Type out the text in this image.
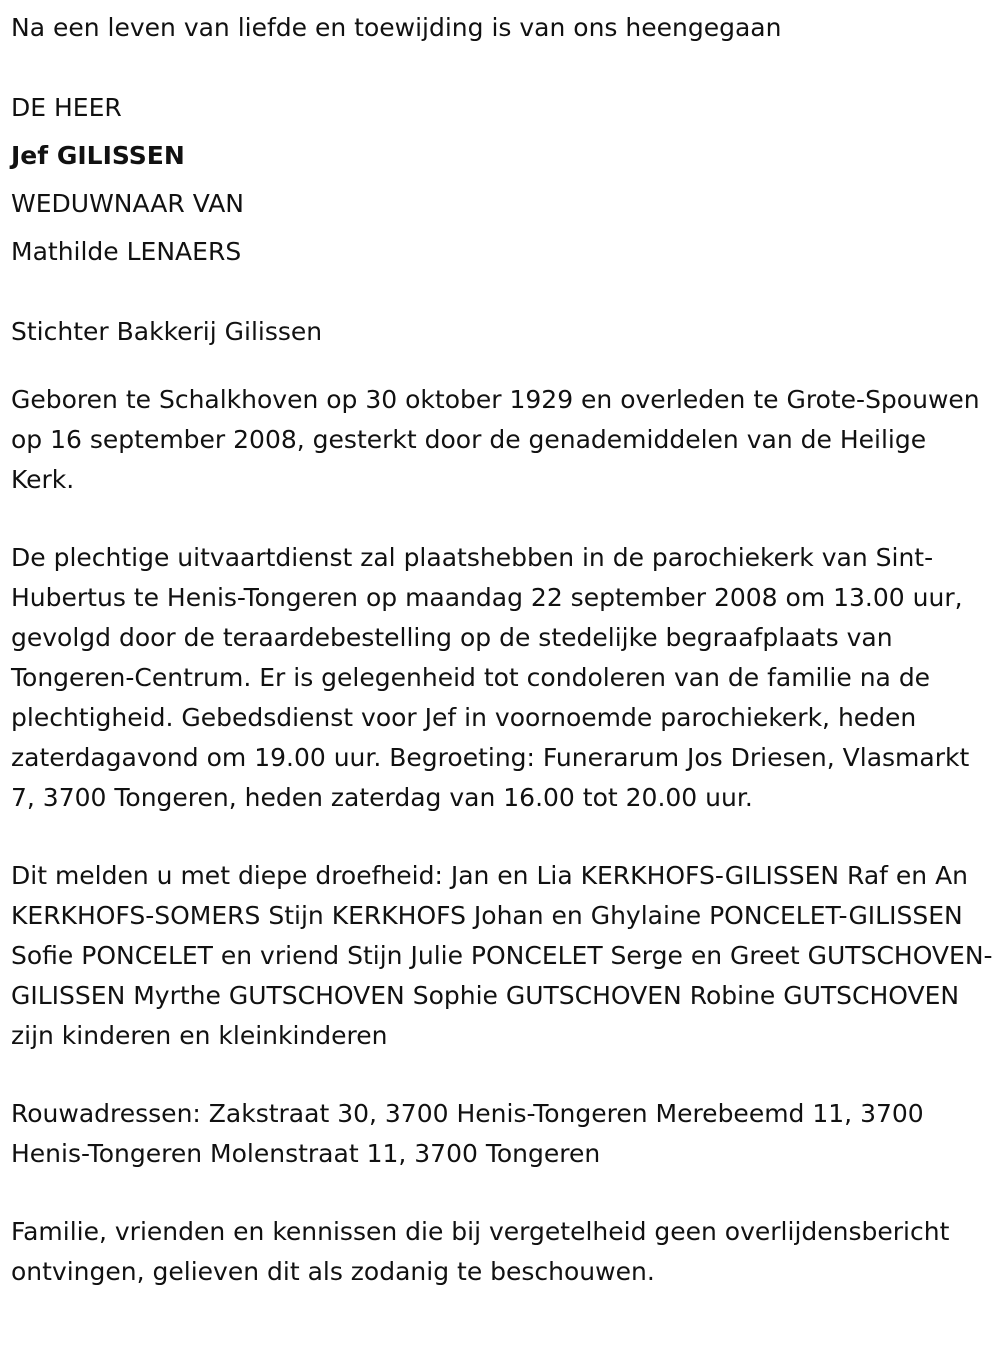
Na een leven van liefde en toewijding is van ons heengegaan

DE HEER

Jef GILISSEN

WEDUWNAAR VAN

Mathilde LENAERS

Stichter Bakkerij Gilissen

Geboren te Schalkhoven op 30 oktober 1929 en overleden te Grote-Spouwen op 16 september 2008, gesterkt door de genademiddelen van de Heilige Kerk.

De plechtige uitvaartdienst zal plaatshebben in de parochiekerk van Sint-Hubertus te Henis-Tongeren op maandag 22 september 2008 om 13.00 uur, gevolgd door de teraardebestelling op de stedelijke begraafplaats van Tongeren-Centrum. Er is gelegenheid tot condoleren van de familie na de plechtigheid. Gebedsdienst voor Jef in voornoemde parochiekerk, heden zaterdagavond om 19.00 uur. Begroeting: Funerarum Jos Driesen, Vlasmarkt 7, 3700 Tongeren, heden zaterdag van 16.00 tot 20.00 uur.

Dit melden u met diepe droefheid: Jan en Lia KERKHOFS-GILISSEN Raf en An KERKHOFS-SOMERS Stijn KERKHOFS Johan en Ghylaine PONCELET-GILISSEN Sofie PONCELET en vriend Stijn Julie PONCELET Serge en Greet GUTSCHOVEN-GILISSEN Myrthe GUTSCHOVEN Sophie GUTSCHOVEN Robine GUTSCHOVEN zijn kinderen en kleinkinderen

Rouwadressen: Zakstraat 30, 3700 Henis-Tongeren Merebeemd 11, 3700 Henis-Tongeren Molenstraat 11, 3700 Tongeren

Familie, vrienden en kennissen die bij vergetelheid geen overlijdensbericht ontvingen, gelieven dit als zodanig te beschouwen.
